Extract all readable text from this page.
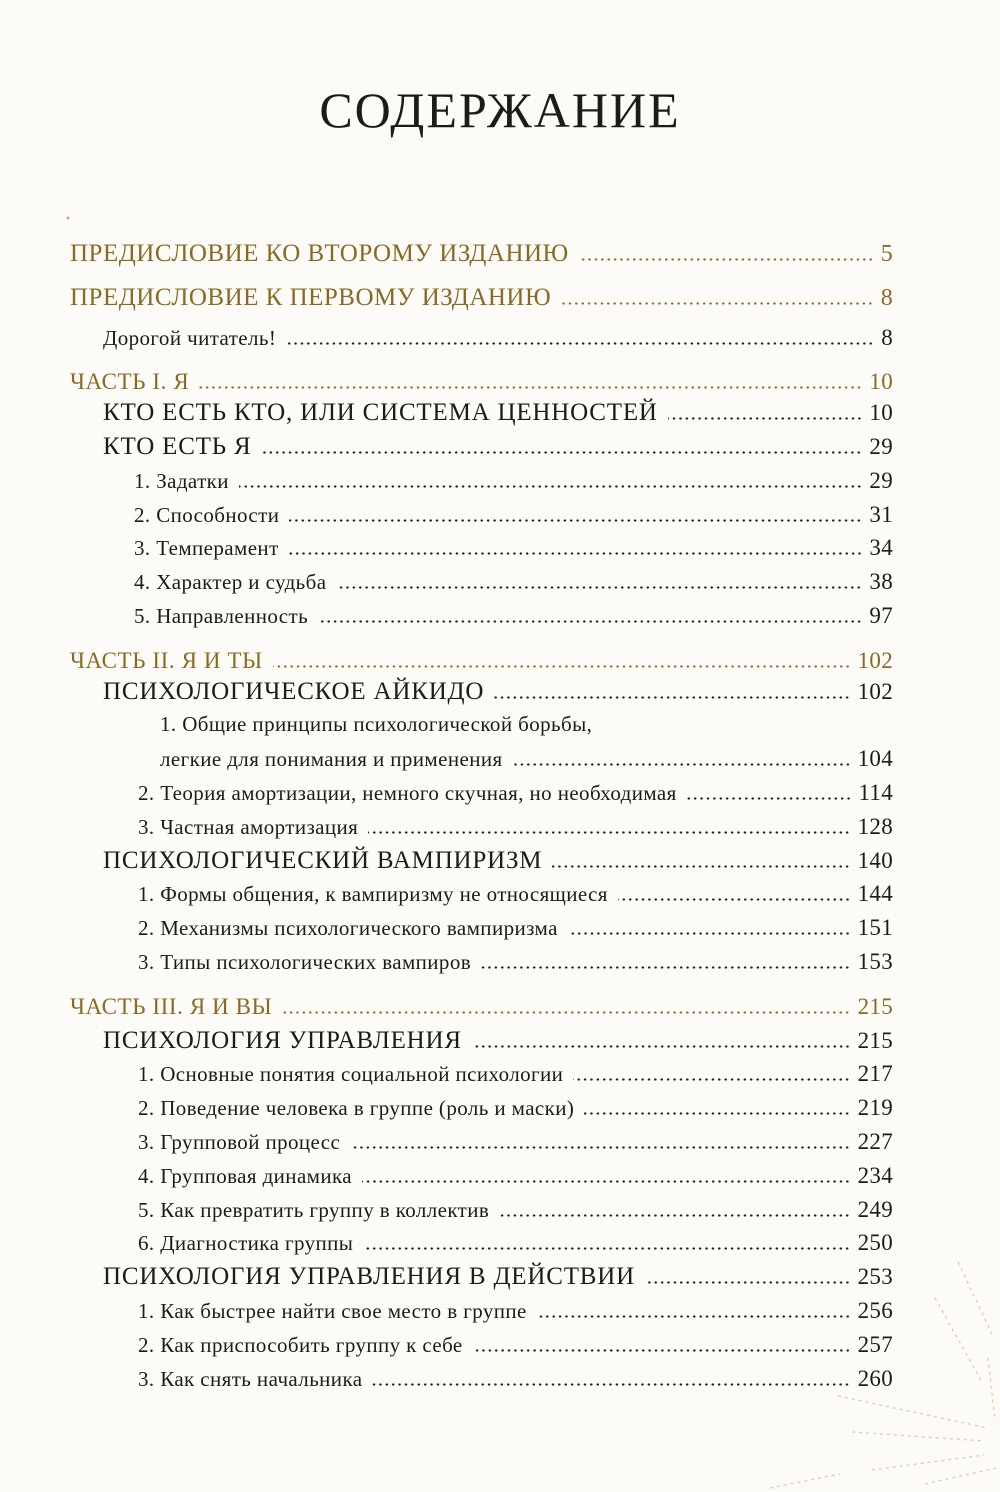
СОДЕРЖАНИЕ
ПРЕДИСЛОВИЕ КО ВТОРОМУ ИЗДАНИЮ	5
ПРЕДИСЛОВИЕ К ПЕРВОМУ ИЗДАНИЮ	8
Дорогой читатель!	8
ЧАСТЬ I. Я	10
КТО ЕСТЬ КТО, ИЛИ СИСТЕМА ЦЕННОСТЕЙ	10
КТО ЕСТЬ Я	29
1. Задатки	29
2. Способности	31
3. Темперамент	34
4. Характер и судьба	38
5. Направленность	97
ЧАСТЬ II. Я И ТЫ	102
ПСИХОЛОГИЧЕСКОЕ АЙКИДО	102
1. Общие принципы психологической борьбы,
легкие для понимания и применения	104
2. Теория амортизации, немного скучная, но необходимая	114
3. Частная амортизация	128
ПСИХОЛОГИЧЕСКИЙ ВАМПИРИЗМ	140
1. Формы общения, к вампиризму не относящиеся	144
2. Механизмы психологического вампиризма	151
3. Типы психологических вампиров	153
ЧАСТЬ III. Я И ВЫ	215
ПСИХОЛОГИЯ УПРАВЛЕНИЯ	215
1. Основные понятия социальной психологии	217
2. Поведение человека в группе (роль и маски)	219
3. Групповой процесс	227
4. Групповая динамика	234
5. Как превратить группу в коллектив	249
6. Диагностика группы	250
ПСИХОЛОГИЯ УПРАВЛЕНИЯ В ДЕЙСТВИИ	253
1. Как быстрее найти свое место в группе	256
2. Как приспособить группу к себе	257
3. Как снять начальника	260
